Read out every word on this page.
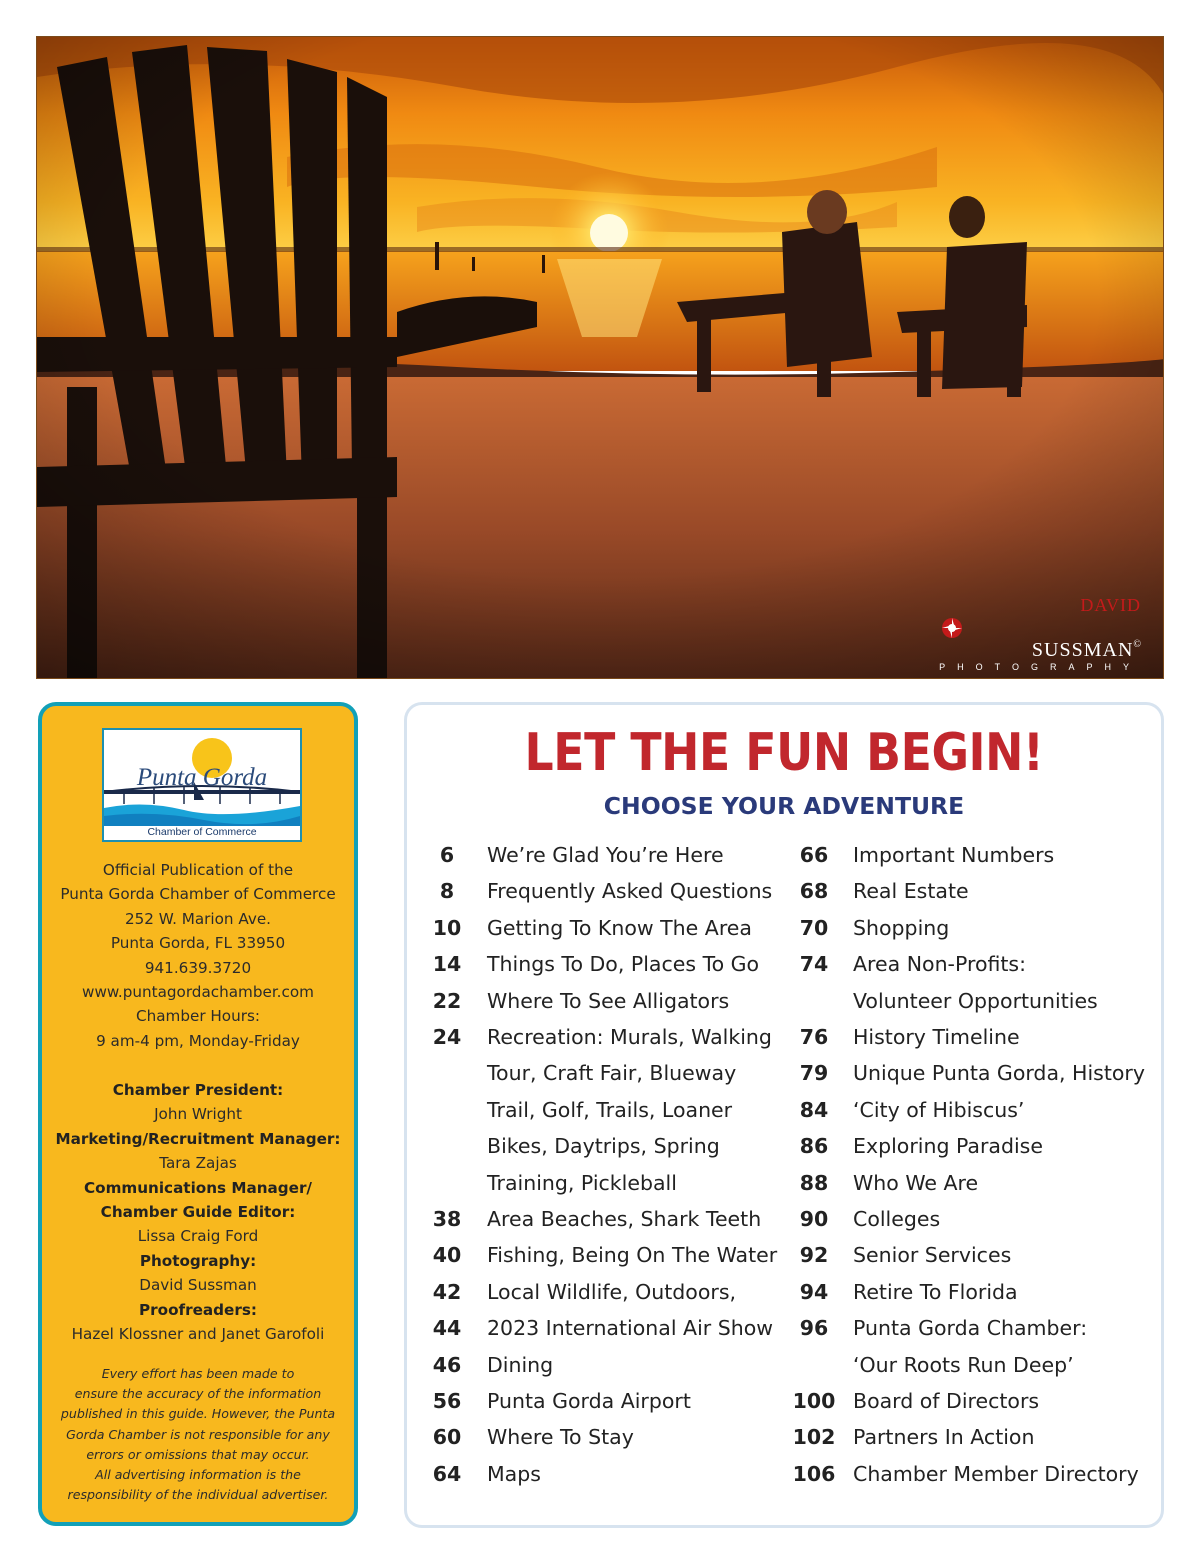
DAVID
SUSSMAN©
PHOTOGRAPHY
Punta Gorda
Chamber of Commerce
Official Publication of the
Punta Gorda Chamber of Commerce
252 W. Marion Ave.
Punta Gorda, FL 33950
941.639.3720
www.puntagordachamber.com
Chamber Hours:
9 am-4 pm, Monday-Friday
Chamber President:
John Wright
Marketing/Recruitment Manager:
Tara Zajas
Communications Manager/
Chamber Guide Editor:
Lissa Craig Ford
Photography:
David Sussman
Proofreaders:
Hazel Klossner and Janet Garofoli
Every effort has been made to
ensure the accuracy of the information
published in this guide. However, the Punta
Gorda Chamber is not responsible for any
errors or omissions that may occur.
All advertising information is the
responsibility of the individual advertiser.
LET THE FUN BEGIN!
CHOOSE YOUR ADVENTURE
6	We’re Glad You’re Here
8	Frequently Asked Questions
10	Getting To Know The Area
14	Things To Do, Places To Go
22	Where To See Alligators
24	Recreation: Murals, Walking
Tour, Craft Fair, Blueway
Trail, Golf, Trails, Loaner
Bikes, Daytrips, Spring
Training, Pickleball
38	Area Beaches, Shark Teeth
40	Fishing, Being On The Water
42	Local Wildlife, Outdoors,
44	2023 International Air Show
46	Dining
56	Punta Gorda Airport
60	Where To Stay
64	Maps
66	Important Numbers
68	Real Estate
70	Shopping
74	Area Non-Profits:
Volunteer Opportunities
76	History Timeline
79	Unique Punta Gorda, History
84	‘City of Hibiscus’
86	Exploring Paradise
88	Who We Are
90	Colleges
92	Senior Services
94	Retire To Florida
96	Punta Gorda Chamber:
‘Our Roots Run Deep’
100 Board of Directors
102 Partners In Action
106 Chamber Member Directory
